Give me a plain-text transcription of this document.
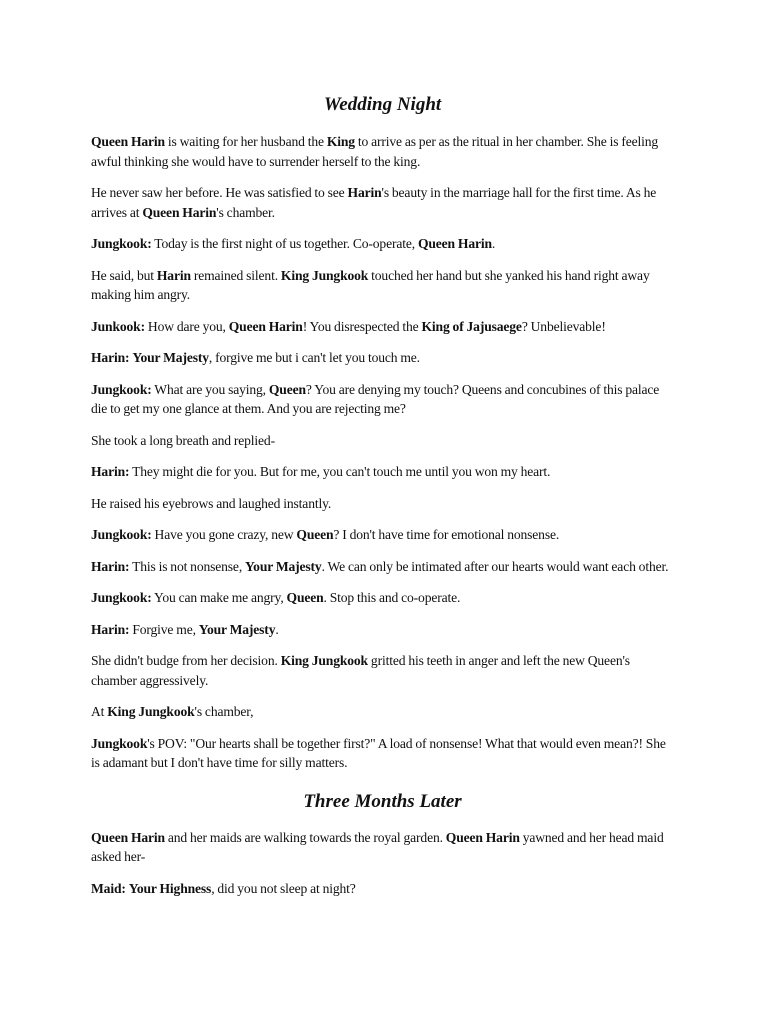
Wedding Night

Queen Harin is waiting for her husband the King to arrive as per as the ritual in her chamber. She is feeling awful thinking she would have to surrender herself to the king.

He never saw her before. He was satisfied to see Harin's beauty in the marriage hall for the first time. As he arrives at Queen Harin's chamber.

Jungkook: Today is the first night of us together. Co-operate, Queen Harin.

He said, but Harin remained silent. King Jungkook touched her hand but she yanked his hand right away making him angry.

Junkook: How dare you, Queen Harin! You disrespected the King of Jajusaege? Unbelievable!

Harin: Your Majesty, forgive me but i can't let you touch me.

Jungkook: What are you saying, Queen? You are denying my touch? Queens and concubines of this palace die to get my one glance at them. And you are rejecting me?

She took a long breath and replied-

Harin: They might die for you. But for me, you can't touch me until you won my heart.

He raised his eyebrows and laughed instantly.

Jungkook: Have you gone crazy, new Queen? I don't have time for emotional nonsense.

Harin: This is not nonsense, Your Majesty. We can only be intimated after our hearts would want each other.

Jungkook: You can make me angry, Queen. Stop this and co-operate.

Harin: Forgive me, Your Majesty.

She didn't budge from her decision. King Jungkook gritted his teeth in anger and left the new Queen's chamber aggressively.

At King Jungkook's chamber,

Jungkook's POV: "Our hearts shall be together first?" A load of nonsense! What that would even mean?! She is adamant but I don't have time for silly matters.

Three Months Later

Queen Harin and her maids are walking towards the royal garden. Queen Harin yawned and her head maid asked her-

Maid: Your Highness, did you not sleep at night?
